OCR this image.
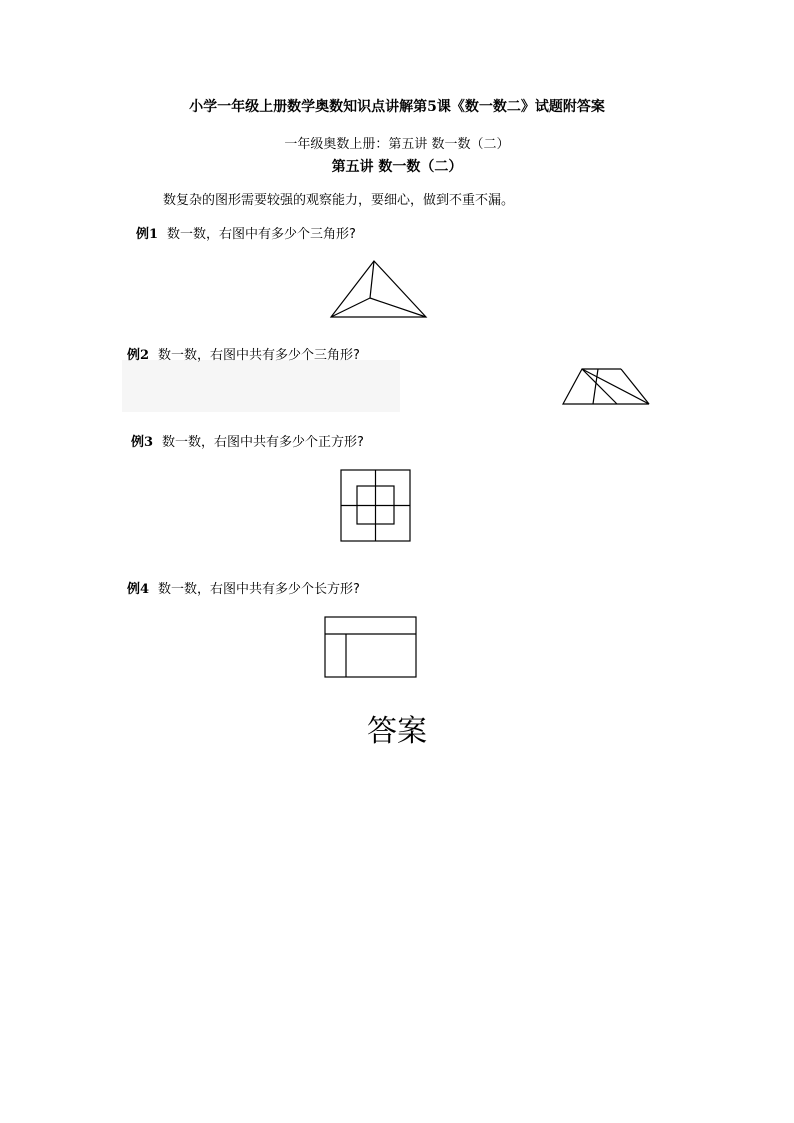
小学一年级上册数学奥数知识点讲解第5课《数一数二》试题附答案
一年级奥数上册：第五讲 数一数（二）
第五讲 数一数（二）
数复杂的图形需要较强的观察能力，要细心，做到不重不漏。
例1 数一数，右图中有多少个三角形?
例2 数一数，右图中共有多少个三角形?
例3 数一数，右图中共有多少个正方形?
例4 数一数，右图中共有多少个长方形?
答案
